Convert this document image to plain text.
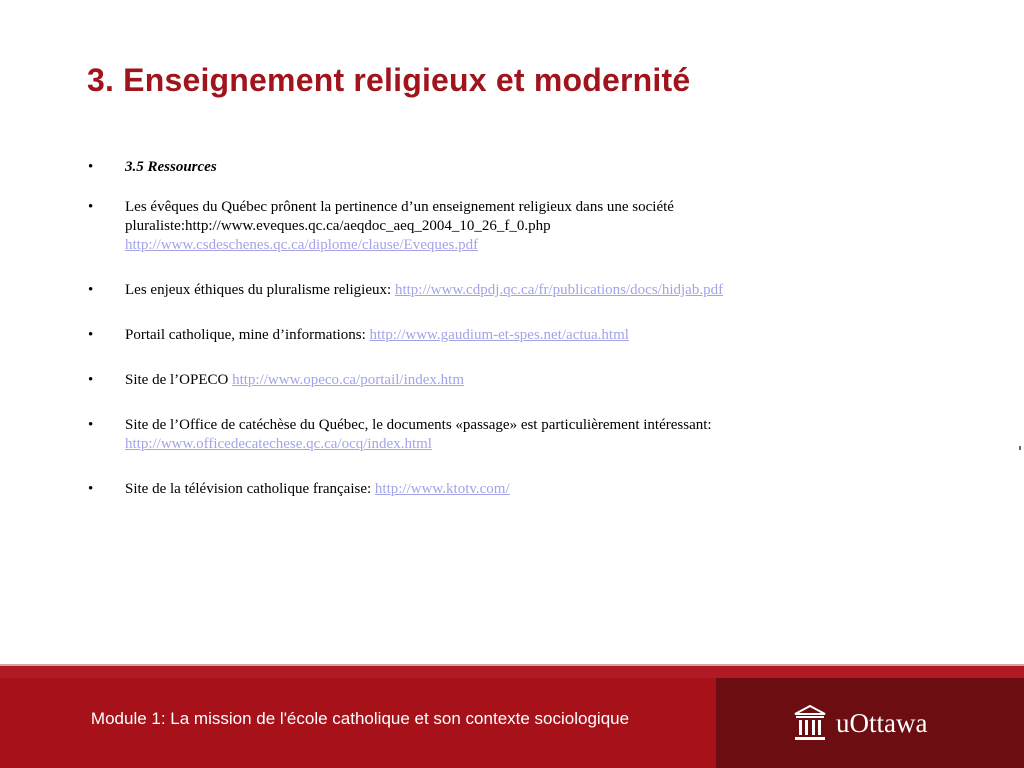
3. Enseignement religieux et modernité
• 3.5 Ressources
• Les évêques du Québec prônent la pertinence d’un enseignement religieux dans une société pluraliste:http://www.eveques.qc.ca/aeqdoc_aeq_2004_10_26_f_0.php
http://www.csdeschenes.qc.ca/diplome/clause/Eveques.pdf
• Les enjeux éthiques du pluralisme religieux: http://www.cdpdj.qc.ca/fr/publications/docs/hidjab.pdf
• Portail catholique, mine d’informations: http://www.gaudium-et-spes.net/actua.html
• Site de l’OPECO http://www.opeco.ca/portail/index.htm
• Site de l’Office de catéchèse du Québec, le documents «passage» est particulièrement intéressant:
http://www.officedecatechese.qc.ca/ocq/index.html
• Site de la télévision catholique française: http://www.ktotv.com/
Module 1: La mission de l'école catholique et son contexte sociologique	uOttawa
